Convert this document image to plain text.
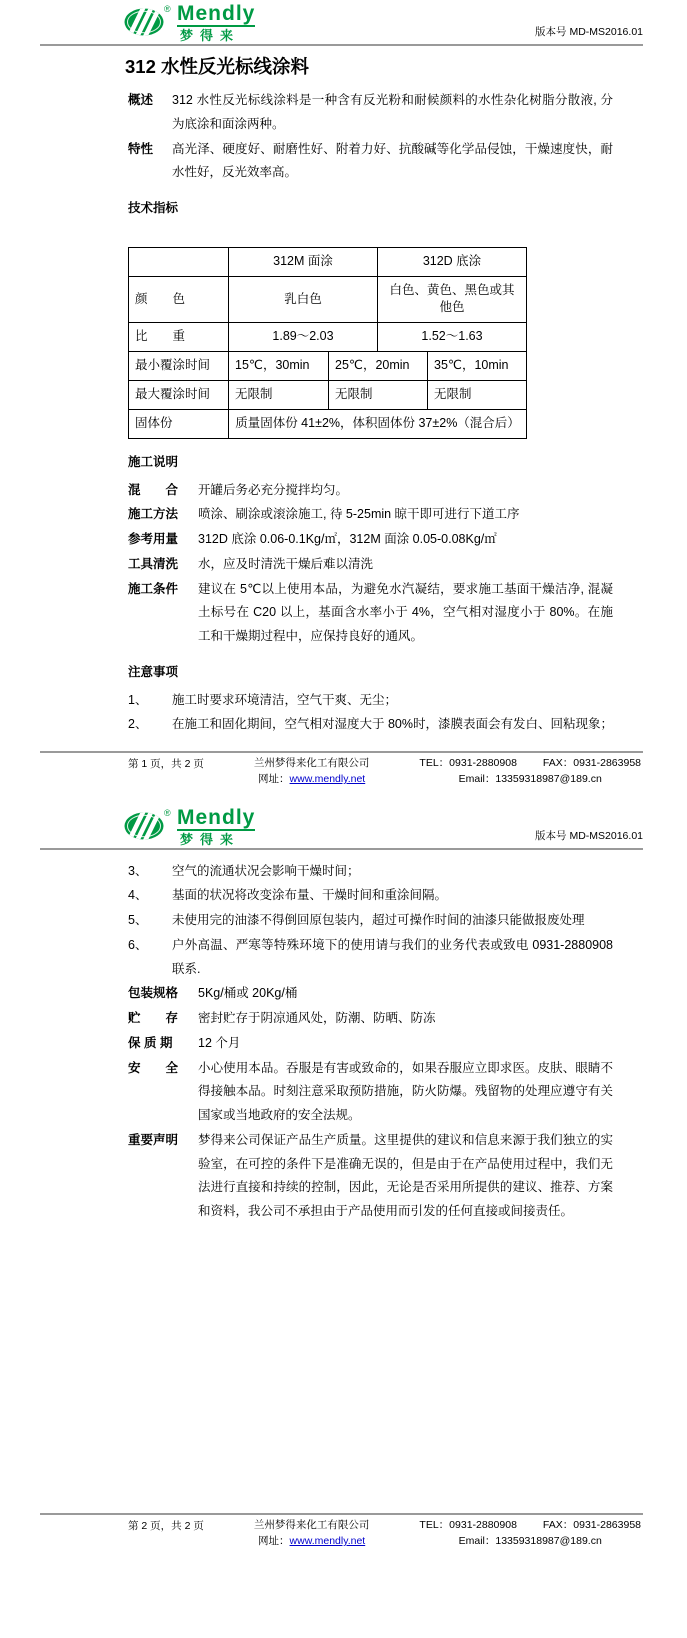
® Mendly
梦得来	版本号 MD-MS2016.01
312 水性反光标线涂料
概述	312 水性反光标线涂料是一种含有反光粉和耐候颜料的水性杂化树脂分散液, 分为底涂和面涂两种。

特性	高光泽、硬度好、耐磨性好、附着力好、抗酸碱等化学品侵蚀，干燥速度快，耐水性好，反光效率高。

技术指标
	312M 面涂		312D 底涂	
颜　　色	乳白色		白色、黄色、黑色或其他色	
比　　重	1.89～2.03		1.52～1.63	
最小覆涂时间	15℃，30min	25℃，20min		35℃，10min
最大覆涂时间	无限制	无限制		无限制
固体份	质量固体份 41±2%，体积固体份 37±2%（混合后）			
施工说明
混　　合	开罐后务必充分搅拌均匀。

施工方法	喷涂、刷涂或滚涂施工, 待 5-25min 晾干即可进行下道工序

参考用量	312D 底涂 0.06-0.1Kg/㎡，312M 面涂 0.05-0.08Kg/㎡

工具清洗	水，应及时清洗干燥后难以清洗

施工条件	建议在 5℃以上使用本品，为避免水汽凝结，要求施工基面干燥洁净, 混凝土标号在 C20 以上，基面含水率小于 4%，空气相对湿度小于 80%。在施工和干燥期过程中，应保持良好的通风。

注意事项
1、	施工时要求环境清洁，空气干爽、无尘；

2、	在施工和固化期间，空气相对湿度大于 80%时，漆膜表面会有发白、回粘现象；

第 1 页，共 2 页	兰州梦得来化工有限公司
网址：www.mendly.net
TEL：0931-2880908 FAX：0931-2863958
Email：13359318987@189.cn
® Mendly
梦得来	版本号 MD-MS2016.01
3、	空气的流通状况会影响干燥时间；

4、	基面的状况将改变涂布量、干燥时间和重涂间隔。

5、	未使用完的油漆不得倒回原包装内，超过可操作时间的油漆只能做报废处理

6、	户外高温、严寒等特殊环境下的使用请与我们的业务代表或致电 0931-2880908 联系.

包装规格	5Kg/桶或 20Kg/桶

贮　　存	密封贮存于阴凉通风处，防潮、防晒、防冻

保 质 期	12 个月

安　　全	小心使用本品。吞服是有害或致命的，如果吞服应立即求医。皮肤、眼睛不得接触本品。时刻注意采取预防措施，防火防爆。残留物的处理应遵守有关国家或当地政府的安全法规。

重要声明	梦得来公司保证产品生产质量。这里提供的建议和信息来源于我们独立的实验室，在可控的条件下是准确无误的，但是由于在产品使用过程中，我们无法进行直接和持续的控制，因此，无论是否采用所提供的建议、推荐、方案和资料，我公司不承担由于产品使用而引发的任何直接或间接责任。

第 2 页，共 2 页	兰州梦得来化工有限公司
网址：www.mendly.net
TEL：0931-2880908 FAX：0931-2863958
Email：13359318987@189.cn
